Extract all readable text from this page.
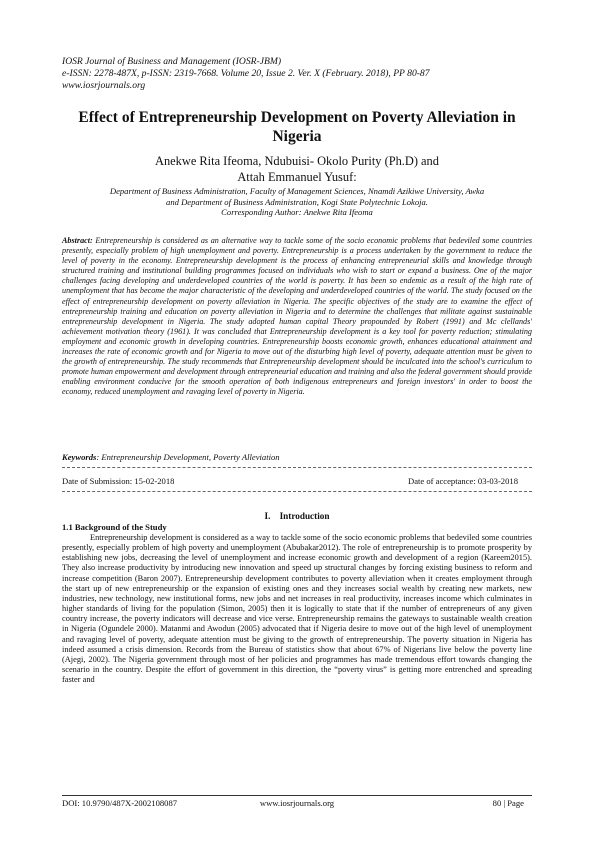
IOSR Journal of Business and Management (IOSR-JBM)
e-ISSN: 2278-487X, p-ISSN: 2319-7668. Volume 20, Issue 2. Ver. X (February. 2018), PP 80-87
www.iosrjournals.org
Effect of Entrepreneurship Development on Poverty Alleviation in Nigeria
Anekwe Rita Ifeoma, Ndubuisi- Okolo Purity (Ph.D) and
Attah Emmanuel Yusuf:
Department of Business Administration, Faculty of Management Sciences, Nnamdi Azikiwe University, Awka
and Department of Business Administration, Kogi State Polytechnic Lokoja.
Corresponding Author: Anekwe Rita Ifeoma
Abstract: Entrepreneurship is considered as an alternative way to tackle some of the socio economic problems that bedeviled some countries presently, especially problem of high unemployment and poverty. Entrepreneurship is a process undertaken by the government to reduce the level of poverty in the economy. Entrepreneurship development is the process of enhancing entrepreneurial skills and knowledge through structured training and institutional building programmes focused on individuals who wish to start or expand a business. One of the major challenges facing developing and underdeveloped countries of the world is poverty. It has been so endemic as a result of the high rate of unemployment that has become the major characteristic of the developing and underdeveloped countries of the world. The study focused on the effect of entrepreneurship development on poverty alleviation in Nigeria. The specific objectives of the study are to examine the effect of entrepreneurship training and education on poverty alleviation in Nigeria and to determine the challenges that militate against sustainable entrepreneurship development in Nigeria. The study adopted human capital Theory propounded by Robert (1991) and Mc clellands' achievement motivation theory (1961). It was concluded that Entrepreneurship development is a key tool for poverty reduction; stimulating employment and economic growth in developing countries. Entrepreneurship boosts economic growth, enhances educational attainment and increases the rate of economic growth and for Nigeria to move out of the disturbing high level of poverty, adequate attention must be given to the growth of entrepreneurship. The study recommends that Entrepreneurship development should be inculcated into the school's curriculum to promote human empowerment and development through entrepreneurial education and training and also the federal government should provide enabling environment conducive for the smooth operation of both indigenous entrepreneurs and foreign investors' in order to boost the economy, reduced unemployment and ravaging level of poverty in Nigeria.
Keywords: Entrepreneurship Development, Poverty Alleviation
Date of Submission: 15-02-2018	Date of acceptance: 03-03-2018
I.    Introduction
1.1 Background of the Study
Entrepreneurship development is considered as a way to tackle some of the socio economic problems that bedeviled some countries presently, especially problem of high poverty and unemployment (Abubakar2012). The role of entrepreneurship is to promote prosperity by establishing new jobs, decreasing the level of unemployment and increase economic growth and development of a region (Kareem2015). They also increase productivity by introducing new innovation and speed up structural changes by forcing existing business to reform and increase competition (Baron 2007). Entrepreneurship development contributes to poverty alleviation when it creates employment through the start up of new entrepreneurship or the expansion of existing ones and they increases social wealth by creating new markets, new industries, new technology, new institutional forms, new jobs and net increases in real productivity, increases income which culminates in higher standards of living for the population (Simon, 2005) then it is logically to state that if the number of entrepreneurs of any given country increase, the poverty indicators will decrease and vice verse. Entrepreneurship remains the gateways to sustainable wealth creation in Nigeria (Ogundele 2000). Matanmi and Awodun (2005) advocated that if Nigeria desire to move out of the high level of unemployment and ravaging level of poverty, adequate attention must be giving to the growth of entrepreneurship. The poverty situation in Nigeria has indeed assumed a crisis dimension. Records from the Bureau of statistics show that about 67% of Nigerians live below the poverty line (Ajegi, 2002). The Nigeria government through most of her policies and programmes has made tremendous effort towards changing the scenario in the country. Despite the effort of government in this direction, the “poverty virus” is getting more entrenched and spreading faster and
DOI: 10.9790/487X-2002108087	www.iosrjournals.org	80 | Page
